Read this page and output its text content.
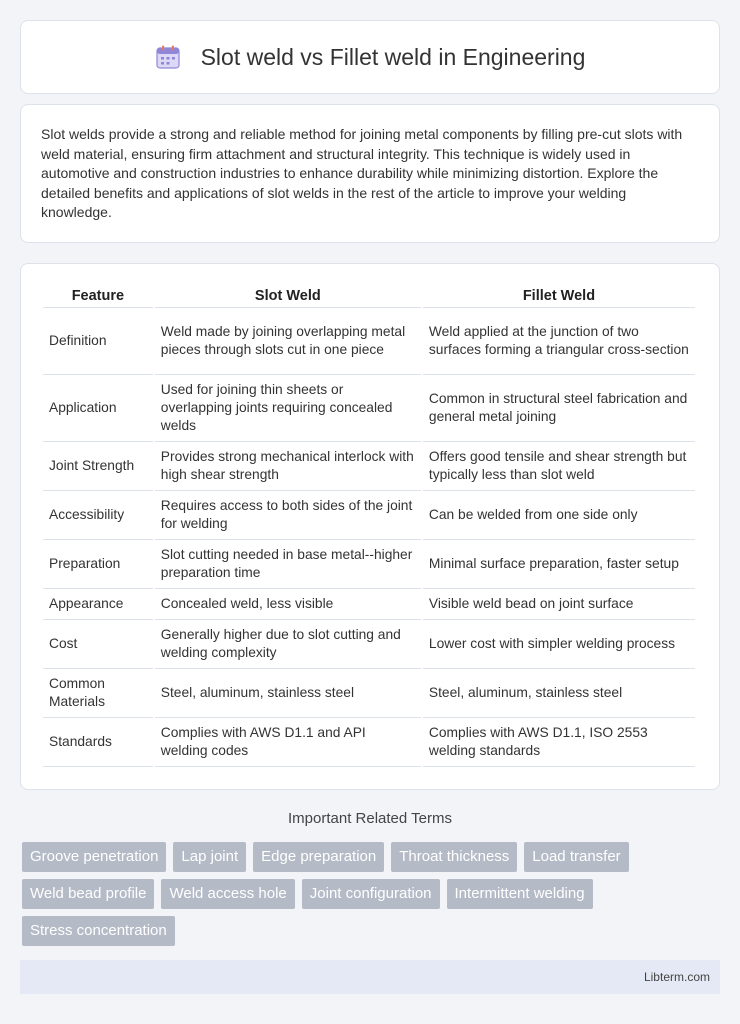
Slot weld vs Fillet weld in Engineering

Slot welds provide a strong and reliable method for joining metal components by filling pre-cut slots with weld material, ensuring firm attachment and structural integrity. This technique is widely used in automotive and construction industries to enhance durability while minimizing distortion. Explore the detailed benefits and applications of slot welds in the rest of the article to improve your welding knowledge.

Feature	Slot Weld	Fillet Weld
Definition	Weld made by joining overlapping metal pieces through slots cut in one piece	Weld applied at the junction of two surfaces forming a triangular cross-section
Application	Used for joining thin sheets or overlapping joints requiring concealed welds	Common in structural steel fabrication and general metal joining
Joint Strength	Provides strong mechanical interlock with high shear strength	Offers good tensile and shear strength but typically less than slot weld
Accessibility	Requires access to both sides of the joint for welding	Can be welded from one side only
Preparation	Slot cutting needed in base metal--higher preparation time	Minimal surface preparation, faster setup
Appearance	Concealed weld, less visible	Visible weld bead on joint surface
Cost	Generally higher due to slot cutting and welding complexity	Lower cost with simpler welding process
Common Materials	Steel, aluminum, stainless steel	Steel, aluminum, stainless steel
Standards	Complies with AWS D1.1 and API welding codes	Complies with AWS D1.1, ISO 2553 welding standards
Important Related Terms
Groove penetration	Lap joint	Edge preparation	Throat thickness	Load transfer
Weld bead profile	Weld access hole	Joint configuration	Intermittent welding
Stress concentration
Libterm.com
